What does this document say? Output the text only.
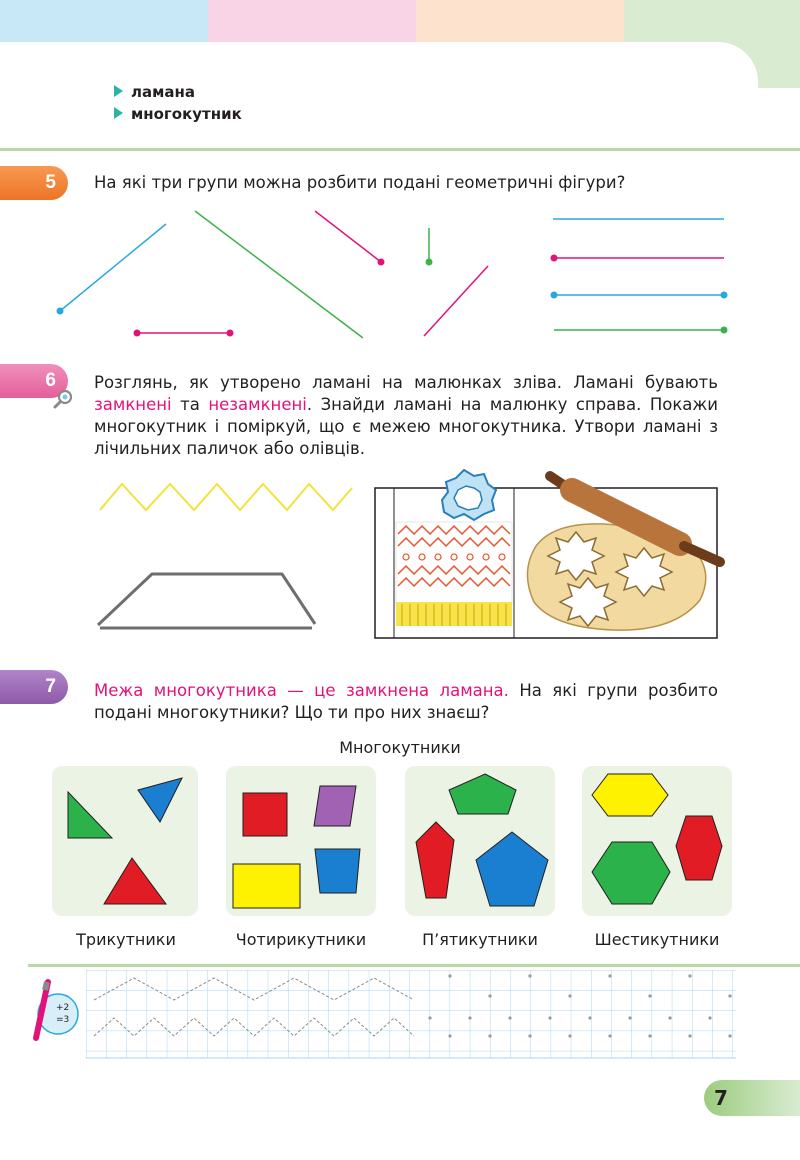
ламана
многокутник
5 На які три групи можна розбити подані геометричні фігури?
6 Розглянь, як утворено ламані на малюнках зліва. Ламані бувають замкнені та незамкнені. Знайди ламані на малюнку справа. Покажи многокутник і поміркуй, що є межею многокутника. Утвори ламані з лічильних паличок або олівців.
7 Межа многокутника — це замкнена ламана. На які групи розбито подані многокутники? Що ти про них знаєш?
Многокутники
Трикутники	Чотирикутники	П’ятикутники	Шестикутники
+2
=3
7
